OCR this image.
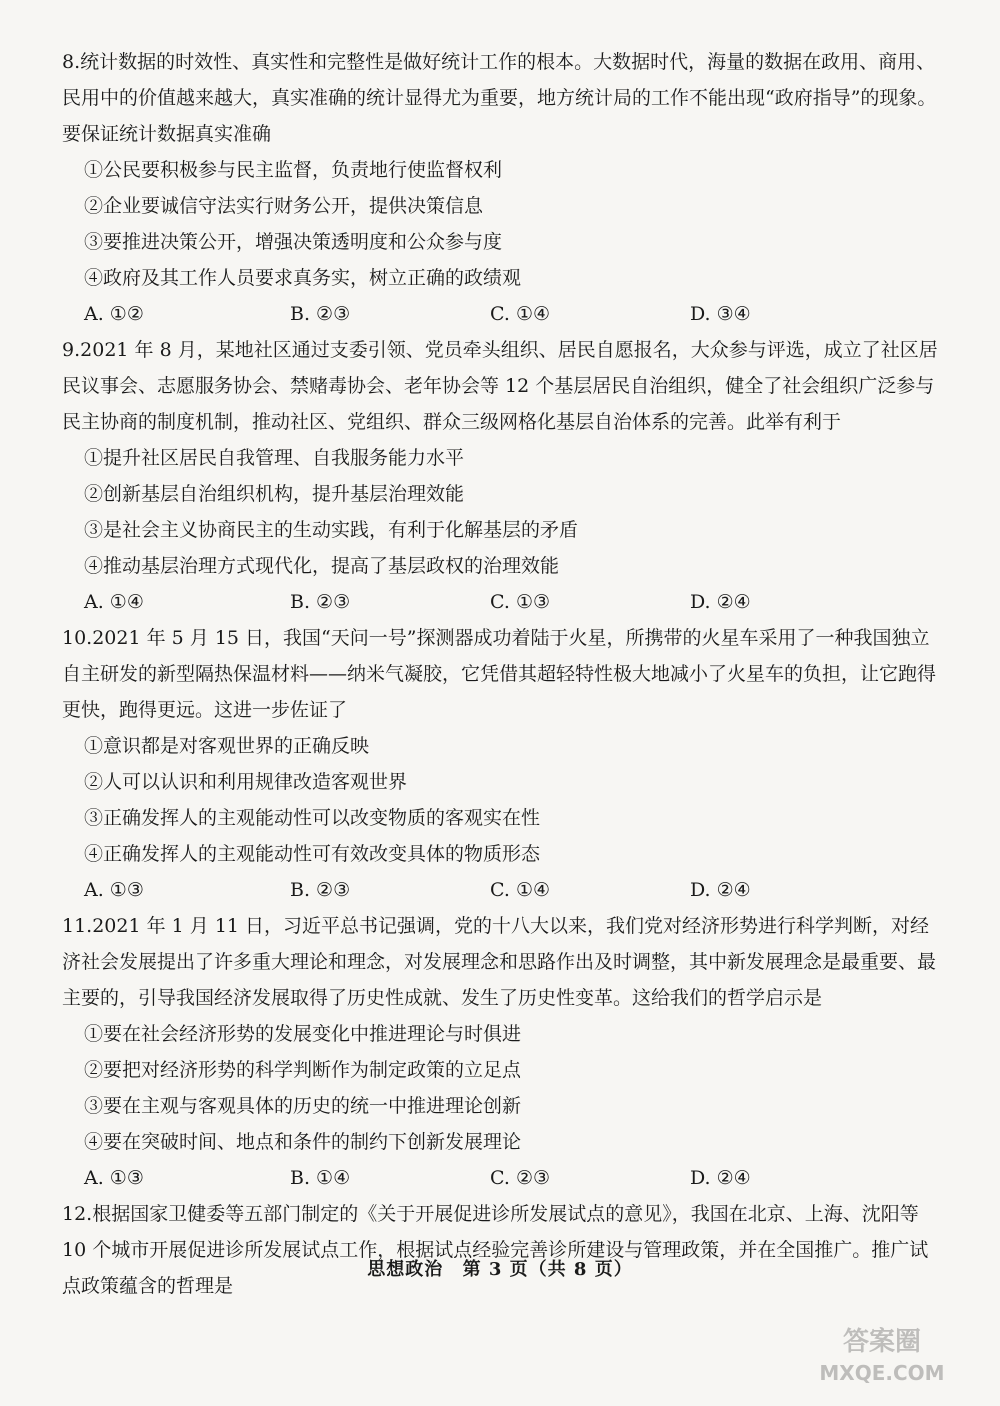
8.统计数据的时效性、真实性和完整性是做好统计工作的根本。大数据时代，海量的数据在政用、商用、民用中的价值越来越大，真实准确的统计显得尤为重要，地方统计局的工作不能出现“政府指导”的现象。要保证统计数据真实准确
①公民要积极参与民主监督，负责地行使监督权利
②企业要诚信守法实行财务公开，提供决策信息
③要推进决策公开，增强决策透明度和公众参与度
④政府及其工作人员要求真务实，树立正确的政绩观
A. ①②	B. ②③	C. ①④	D. ③④
9.2021 年 8 月，某地社区通过支委引领、党员牵头组织、居民自愿报名，大众参与评选，成立了社区居民议事会、志愿服务协会、禁赌毒协会、老年协会等 12 个基层居民自治组织，健全了社会组织广泛参与民主协商的制度机制，推动社区、党组织、群众三级网格化基层自治体系的完善。此举有利于
①提升社区居民自我管理、自我服务能力水平
②创新基层自治组织机构，提升基层治理效能
③是社会主义协商民主的生动实践，有利于化解基层的矛盾
④推动基层治理方式现代化，提高了基层政权的治理效能
A. ①④	B. ②③	C. ①③	D. ②④
10.2021 年 5 月 15 日，我国“天问一号”探测器成功着陆于火星，所携带的火星车采用了一种我国独立自主研发的新型隔热保温材料——纳米气凝胶，它凭借其超轻特性极大地减小了火星车的负担，让它跑得更快，跑得更远。这进一步佐证了
①意识都是对客观世界的正确反映
②人可以认识和利用规律改造客观世界
③正确发挥人的主观能动性可以改变物质的客观实在性
④正确发挥人的主观能动性可有效改变具体的物质形态
A. ①③	B. ②③	C. ①④	D. ②④
11.2021 年 1 月 11 日，习近平总书记强调，党的十八大以来，我们党对经济形势进行科学判断，对经济社会发展提出了许多重大理论和理念，对发展理念和思路作出及时调整，其中新发展理念是最重要、最主要的，引导我国经济发展取得了历史性成就、发生了历史性变革。这给我们的哲学启示是
①要在社会经济形势的发展变化中推进理论与时俱进
②要把对经济形势的科学判断作为制定政策的立足点
③要在主观与客观具体的历史的统一中推进理论创新
④要在突破时间、地点和条件的制约下创新发展理论
A. ①③	B. ①④	C. ②③	D. ②④
12.根据国家卫健委等五部门制定的《关于开展促进诊所发展试点的意见》，我国在北京、上海、沈阳等 10 个城市开展促进诊所发展试点工作，根据试点经验完善诊所建设与管理政策，并在全国推广。推广试点政策蕴含的哲理是
思想政治 第 3 页（共 8 页）
答案圈
MXQE.COM
